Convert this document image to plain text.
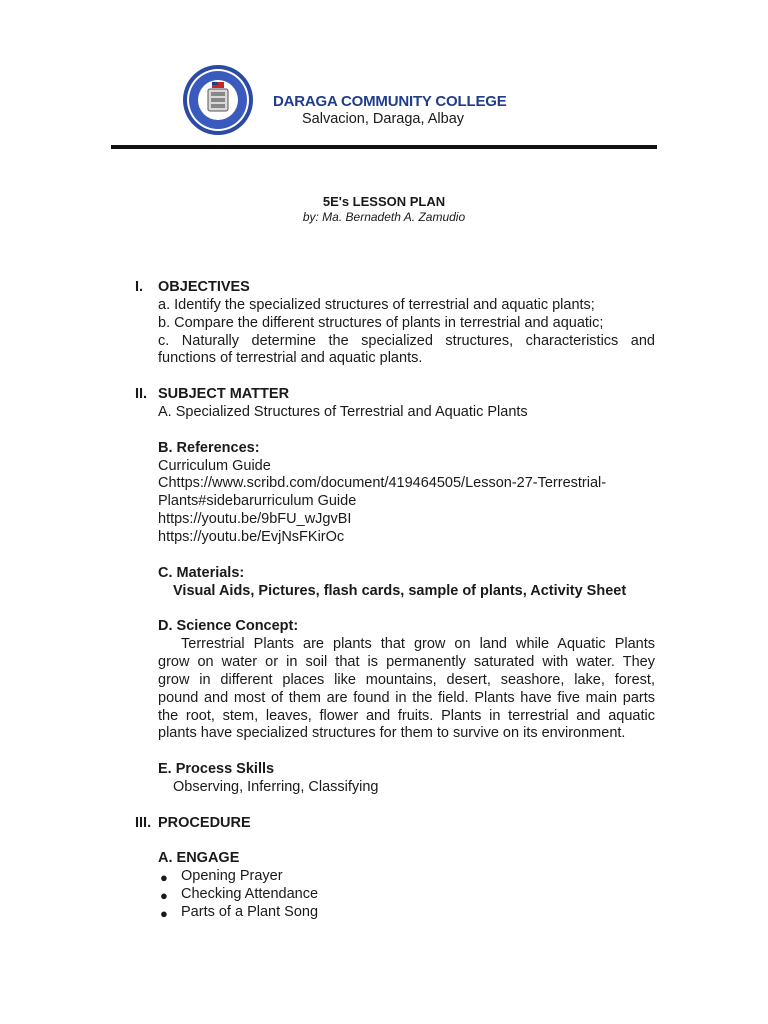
DARAGA COMMUNITY COLLEGE
Salvacion, Daraga, Albay
5E's LESSON PLAN
by: Ma. Bernadeth A. Zamudio
I. OBJECTIVES
a. Identify the specialized structures of terrestrial and aquatic plants;
b. Compare the different structures of plants in terrestrial and aquatic;
c. Naturally determine the specialized structures, characteristics and
functions of terrestrial and aquatic plants.
II. SUBJECT MATTER
A. Specialized Structures of Terrestrial and Aquatic Plants
B. References:
Curriculum Guide
Chttps://www.scribd.com/document/419464505/Lesson-27-Terrestrial-
Plants#sidebarurriculum Guide
https://youtu.be/9bFU_wJgvBI
https://youtu.be/EvjNsFKirOc
C. Materials:
Visual Aids, Pictures, flash cards, sample of plants, Activity Sheet
D. Science Concept:
Terrestrial Plants are plants that grow on land while Aquatic Plants
grow on water or in soil that is permanently saturated with water. They
grow in different places like mountains, desert, seashore, lake, forest,
pound and most of them are found in the field. Plants have five main parts
the root, stem, leaves, flower and fruits. Plants in terrestrial and aquatic
plants have specialized structures for them to survive on its environment.
E. Process Skills
Observing, Inferring, Classifying
III. PROCEDURE
A. ENGAGE
● Opening Prayer
● Checking Attendance
● Parts of a Plant Song
